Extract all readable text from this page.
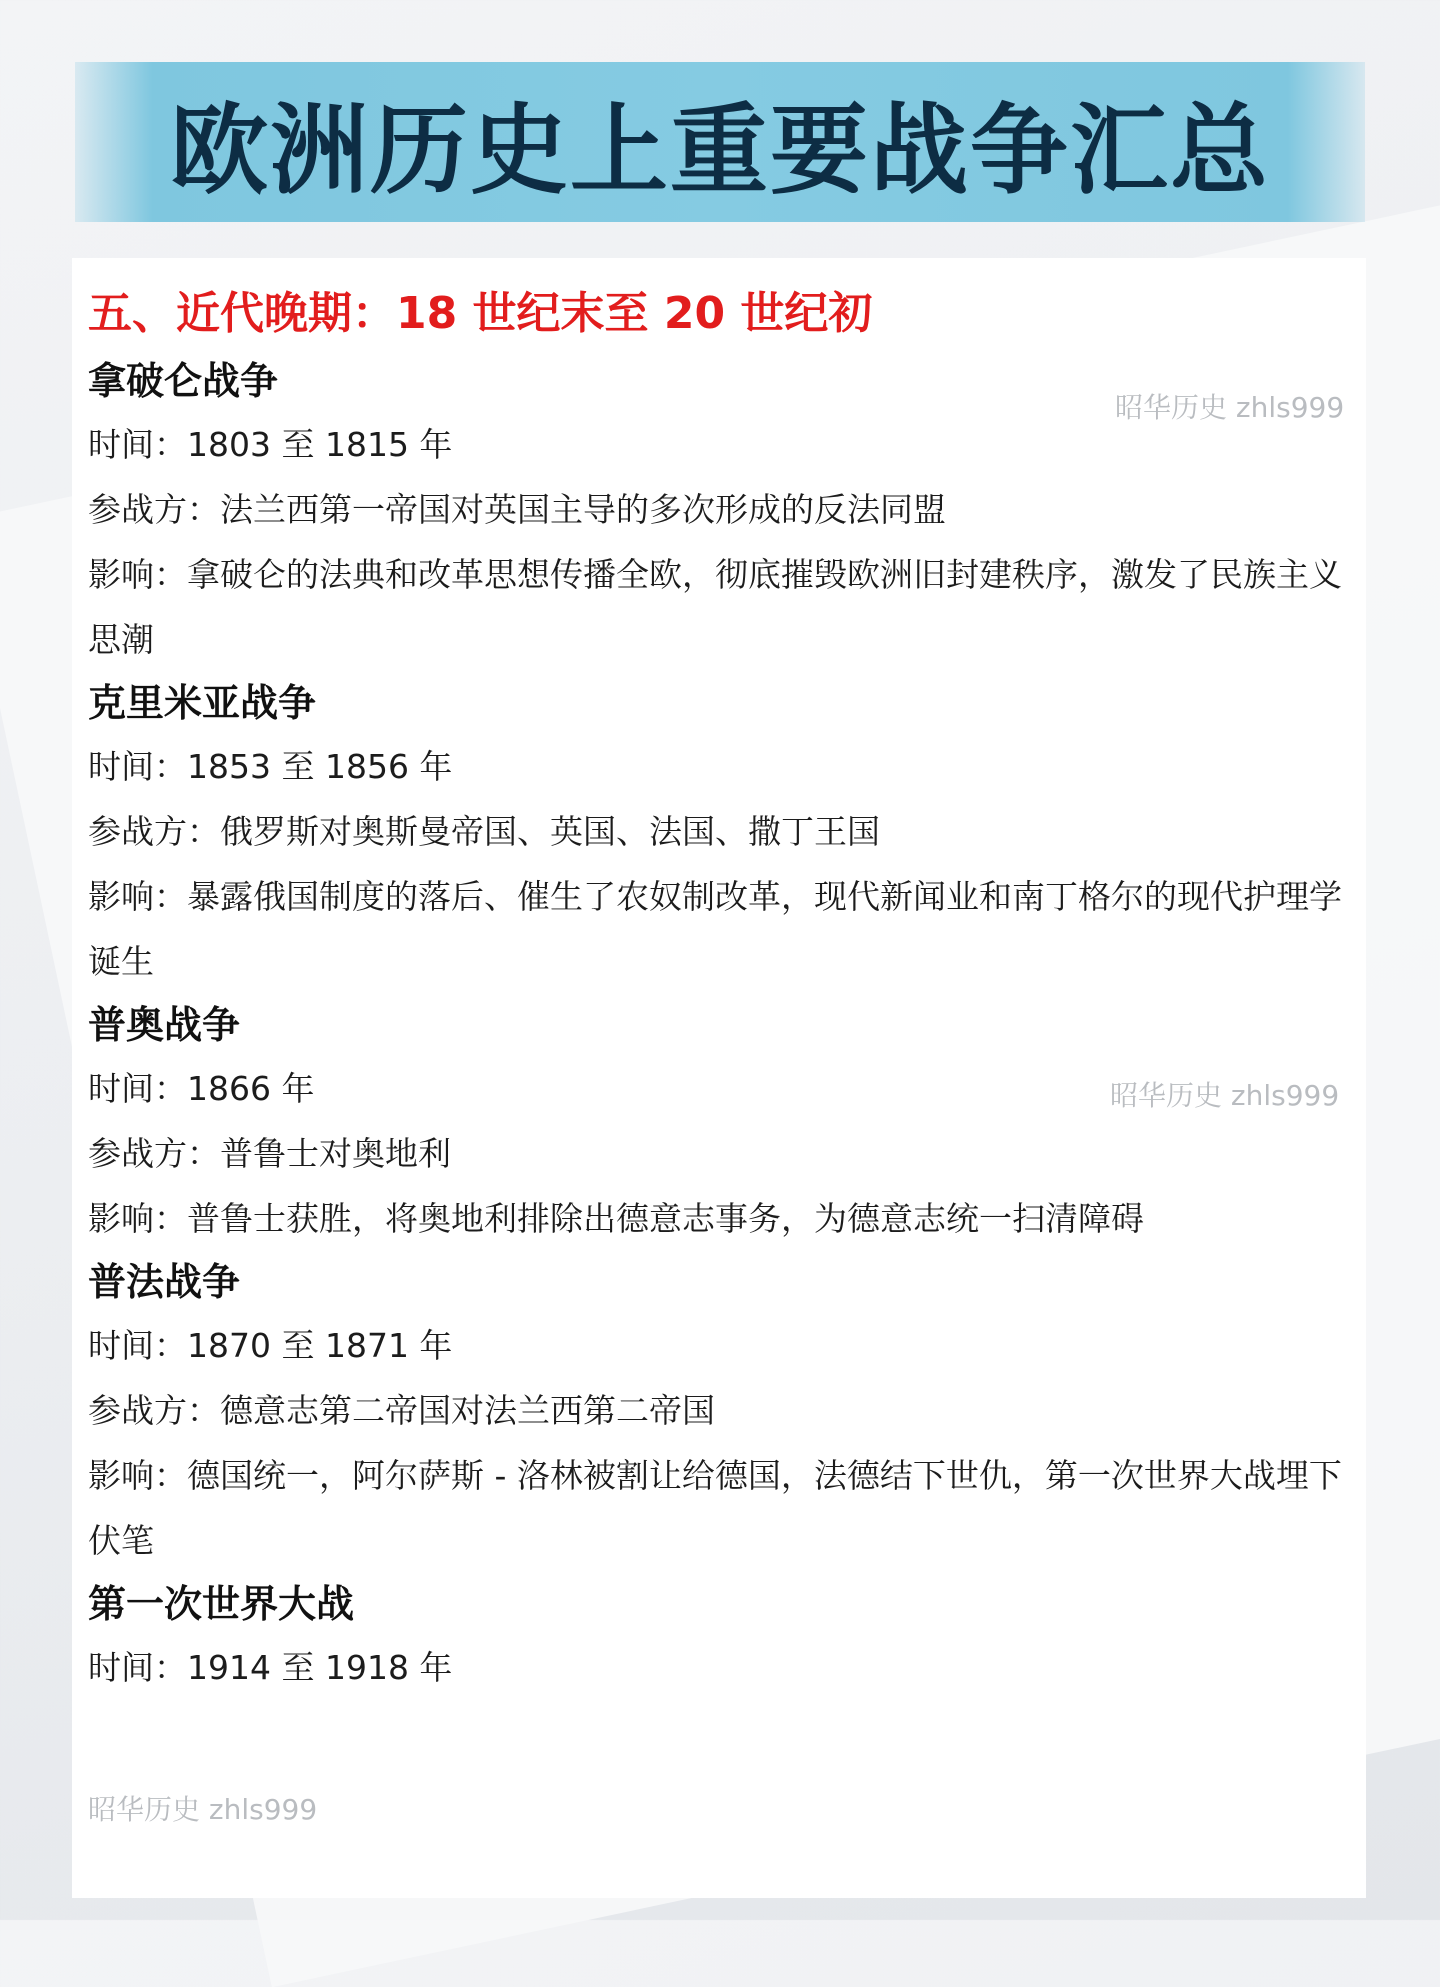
欧洲历史上重要战争汇总
五、近代晚期：18 世纪末至 20 世纪初
拿破仑战争
时间：1803 至 1815 年
参战方：法兰西第一帝国对英国主导的多次形成的反法同盟
影响：拿破仑的法典和改革思想传播全欧，彻底摧毁欧洲旧封建秩序，激发了民族主义思潮
克里米亚战争
时间：1853 至 1856 年
参战方：俄罗斯对奥斯曼帝国、英国、法国、撒丁王国
影响：暴露俄国制度的落后、催生了农奴制改革，现代新闻业和南丁格尔的现代护理学诞生
普奥战争
时间：1866 年
参战方：普鲁士对奥地利
影响：普鲁士获胜，将奥地利排除出德意志事务，为德意志统一扫清障碍
普法战争
时间：1870 至 1871 年
参战方：德意志第二帝国对法兰西第二帝国
影响：德国统一，阿尔萨斯 - 洛林被割让给德国，法德结下世仇，第一次世界大战埋下伏笔
第一次世界大战
时间：1914 至 1918 年
昭华历史 zhls999
昭华历史 zhls999
昭华历史 zhls999
